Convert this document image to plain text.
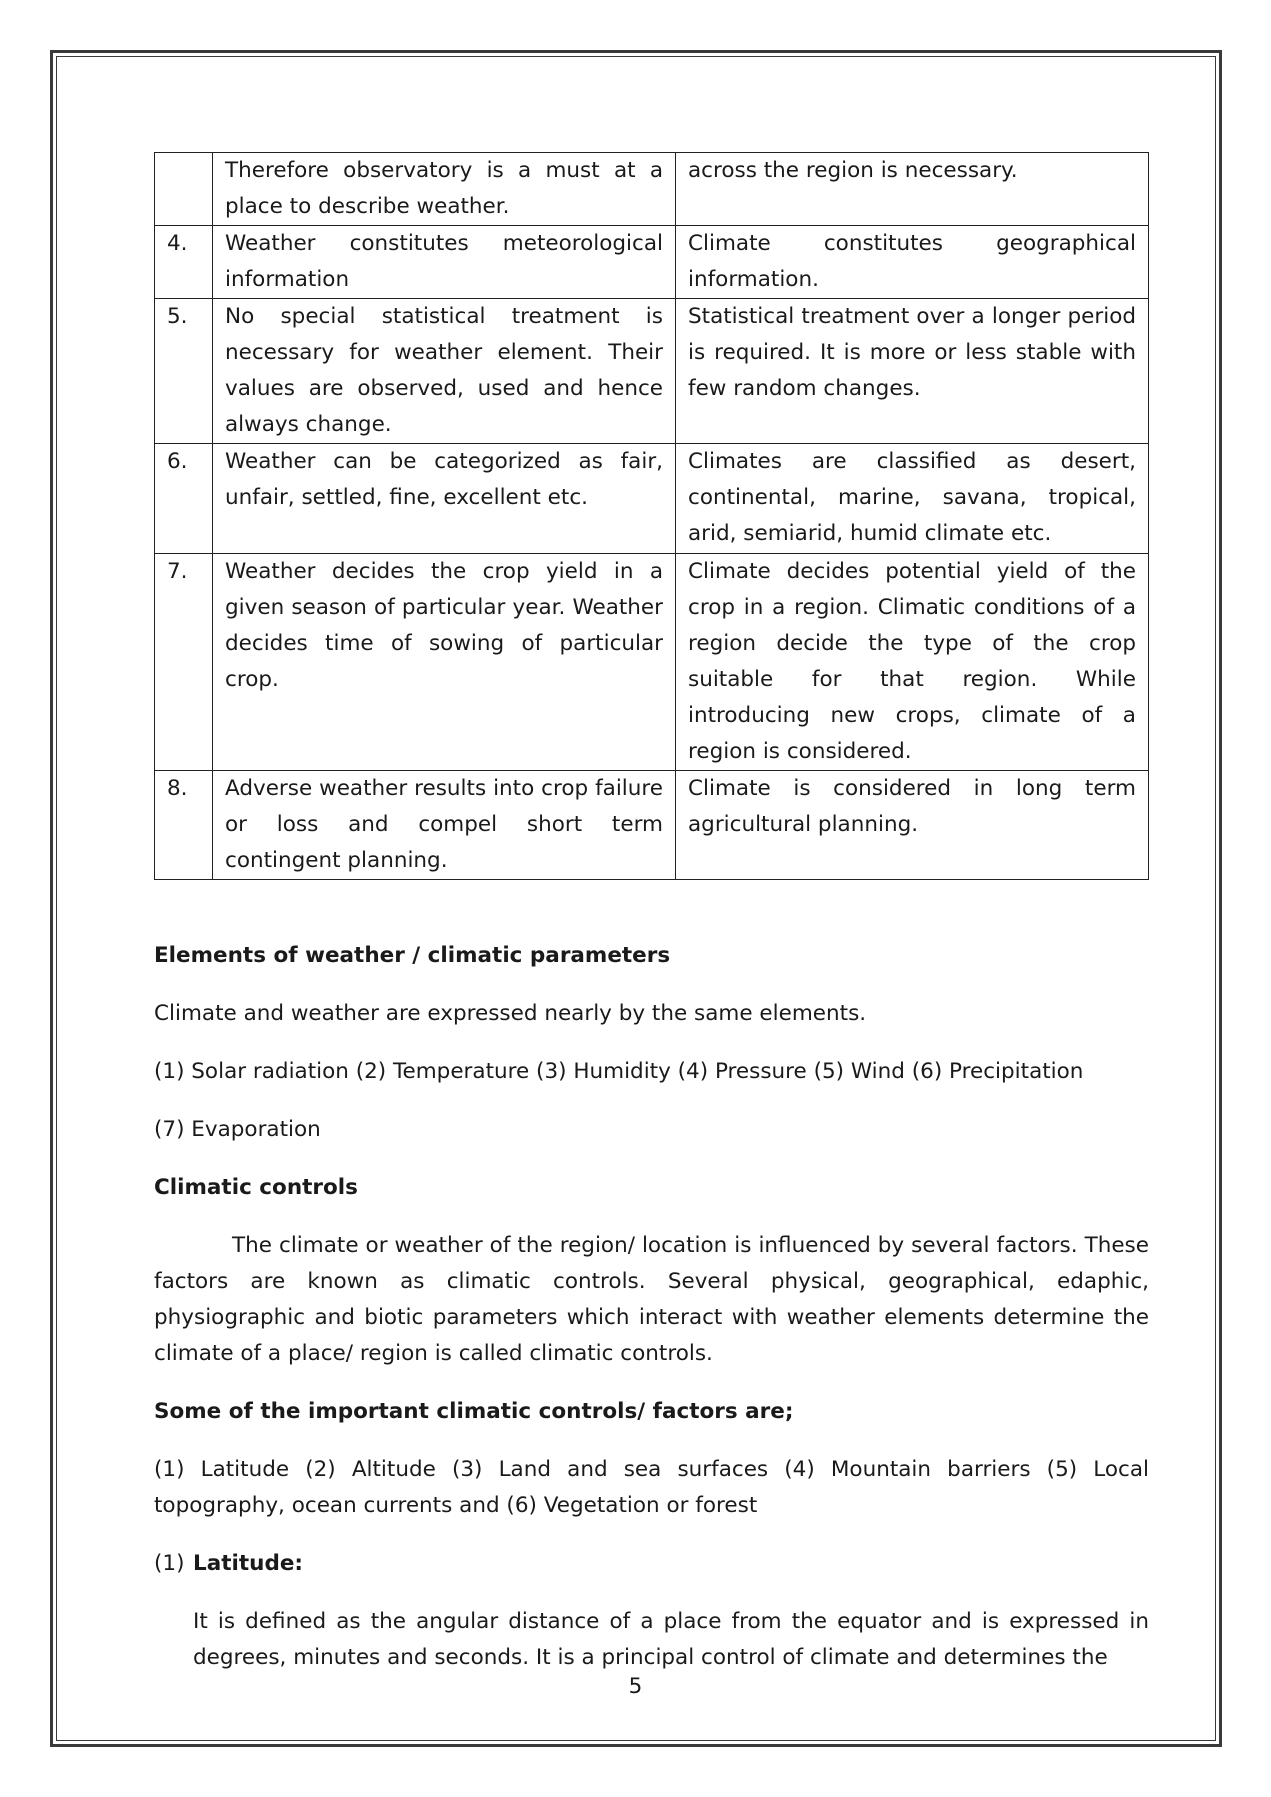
	Therefore observatory is a must at a place to describe weather.	across the region is necessary.
4.	Weather constitutes meteorological information	Climate constitutes geographical information.
5.	No special statistical treatment is necessary for weather element. Their values are observed, used and hence always change.	Statistical treatment over a longer period is required. It is more or less stable with few random changes.
6.	Weather can be categorized as fair, unfair, settled, fine, excellent etc.	Climates are classified as desert, continental, marine, savana, tropical, arid, semiarid, humid climate etc.
7.	Weather decides the crop yield in a given season of particular year. Weather decides time of sowing of particular crop.	Climate decides potential yield of the crop in a region. Climatic conditions of a region decide the type of the crop suitable for that region. While introducing new crops, climate of a region is considered.
8.	Adverse weather results into crop failure or loss and compel short term contingent planning.	Climate is considered in long term agricultural planning.

Elements of weather / climatic parameters

Climate and weather are expressed nearly by the same elements.

(1) Solar radiation (2) Temperature (3) Humidity (4) Pressure (5) Wind (6) Precipitation

(7) Evaporation

Climatic controls

The climate or weather of the region/ location is influenced by several factors. These factors are known as climatic controls. Several physical, geographical, edaphic, physiographic and biotic parameters which interact with weather elements determine the climate of a place/ region is called climatic controls.

Some of the important climatic controls/ factors are;

(1) Latitude (2) Altitude (3) Land and sea surfaces (4) Mountain barriers (5) Local topography, ocean currents and (6) Vegetation or forest

(1) Latitude:

It is defined as the angular distance of a place from the equator and is expressed in degrees, minutes and seconds. It is a principal control of climate and determines the

5
